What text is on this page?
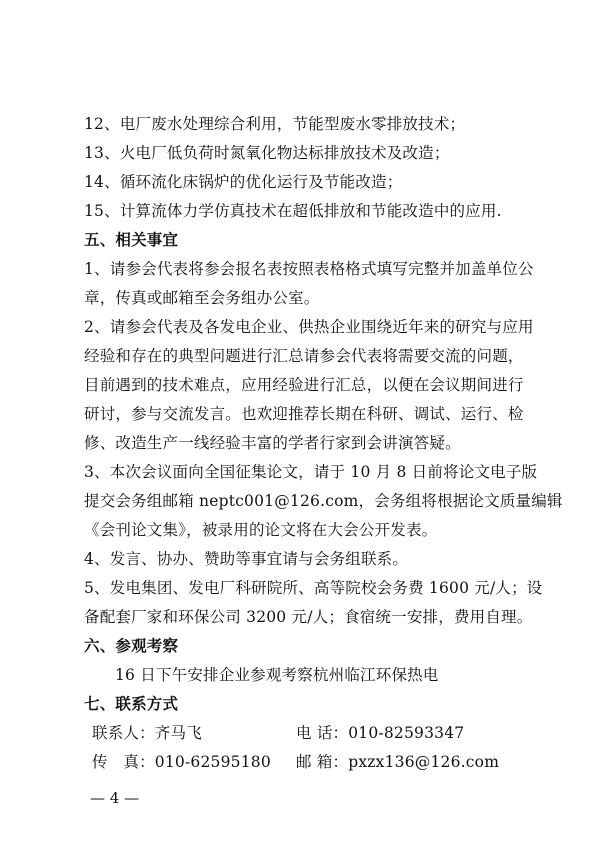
12、电厂废水处理综合利用，节能型废水零排放技术；
13、火电厂低负荷时氮氧化物达标排放技术及改造；
14、循环流化床锅炉的优化运行及节能改造；
15、计算流体力学仿真技术在超低排放和节能改造中的应用.
五、相关事宜
1、请参会代表将参会报名表按照表格格式填写完整并加盖单位公
章，传真或邮箱至会务组办公室。
2、请参会代表及各发电企业、供热企业围绕近年来的研究与应用
经验和存在的典型问题进行汇总请参会代表将需要交流的问题，
目前遇到的技术难点，应用经验进行汇总，以便在会议期间进行
研讨，参与交流发言。也欢迎推荐长期在科研、调试、运行、检
修、改造生产一线经验丰富的学者行家到会讲演答疑。
3、本次会议面向全国征集论文，请于 10 月 8 日前将论文电子版
提交会务组邮箱 neptc001@126.com，会务组将根据论文质量编辑
《会刊论文集》，被录用的论文将在大会公开发表。
4、发言、协办、赞助等事宜请与会务组联系。
5、发电集团、发电厂科研院所、高等院校会务费 1600 元/人；设
备配套厂家和环保公司 3200 元/人；食宿统一安排，费用自理。
六、参观考察
16 日下午安排企业参观考察杭州临江环保热电
七、联系方式
联系人：齐马飞	电 话：010-82593347
传　真：010-62595180	邮 箱：pxzx136@126.com
— 4 —
